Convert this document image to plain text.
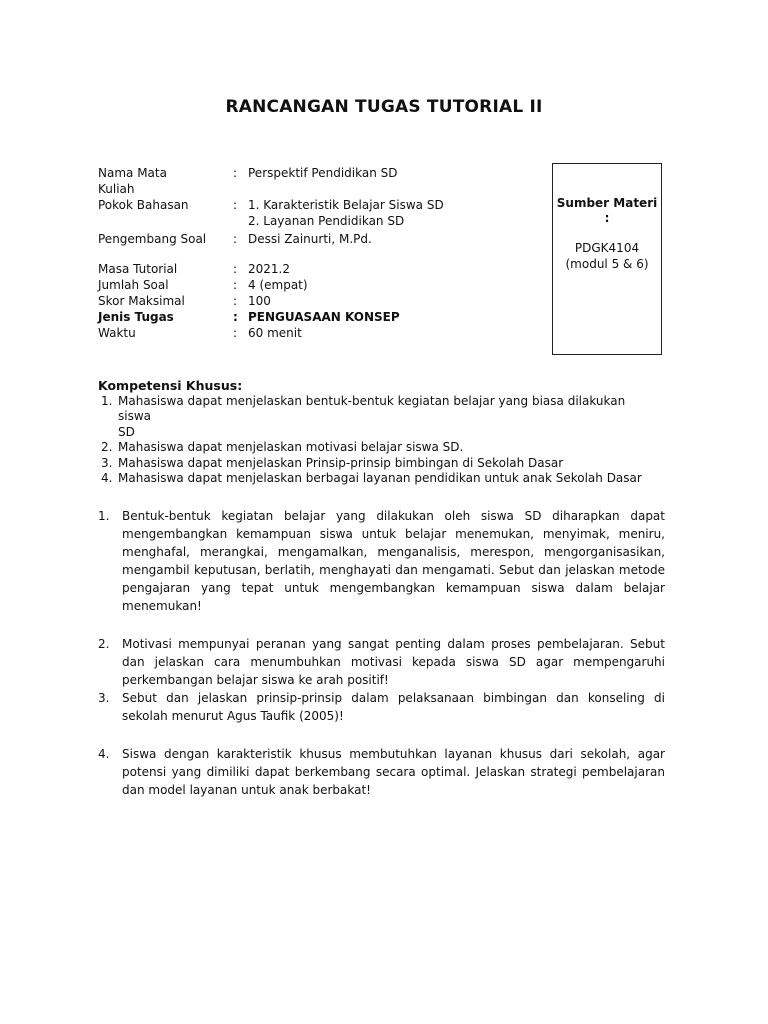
RANCANGAN TUGAS TUTORIAL II
Nama Mata	: Perspektif Pendidikan SD
Kuliah
Pokok Bahasan	: 1. Karakteristik Belajar Siswa SD
2. Layanan Pendidikan SD
Pengembang Soal	: Dessi Zainurti, M.Pd.
Masa Tutorial	: 2021.2
Jumlah Soal	: 4 (empat)
Skor Maksimal	: 100
Jenis Tugas	: PENGUASAAN KONSEP
Waktu	: 60 menit
Sumber Materi
:
PDGK4104
(modul 5 & 6)
Kompetensi Khusus:
1. Mahasiswa dapat menjelaskan bentuk-bentuk kegiatan belajar yang biasa dilakukan siswa
SD
2. Mahasiswa dapat menjelaskan motivasi belajar siswa SD.
3. Mahasiswa dapat menjelaskan Prinsip-prinsip bimbingan di Sekolah Dasar
4. Mahasiswa dapat menjelaskan berbagai layanan pendidikan untuk anak Sekolah Dasar
1. Bentuk-bentuk kegiatan belajar yang dilakukan oleh siswa SD diharapkan dapat mengembangkan kemampuan siswa untuk belajar menemukan, menyimak, meniru, menghafal, merangkai, mengamalkan, menganalisis, merespon, mengorganisasikan, mengambil keputusan, berlatih, menghayati dan mengamati. Sebut dan jelaskan metode pengajaran yang tepat untuk mengembangkan kemampuan siswa dalam belajar menemukan!
2. Motivasi mempunyai peranan yang sangat penting dalam proses pembelajaran. Sebut dan jelaskan cara menumbuhkan motivasi kepada siswa SD agar mempengaruhi perkembangan belajar siswa ke arah positif!
3. Sebut dan jelaskan prinsip-prinsip dalam pelaksanaan bimbingan dan konseling di sekolah menurut Agus Taufik (2005)!
4. Siswa dengan karakteristik khusus membutuhkan layanan khusus dari sekolah, agar potensi yang dimiliki dapat berkembang secara optimal. Jelaskan strategi pembelajaran dan model layanan untuk anak berbakat!
